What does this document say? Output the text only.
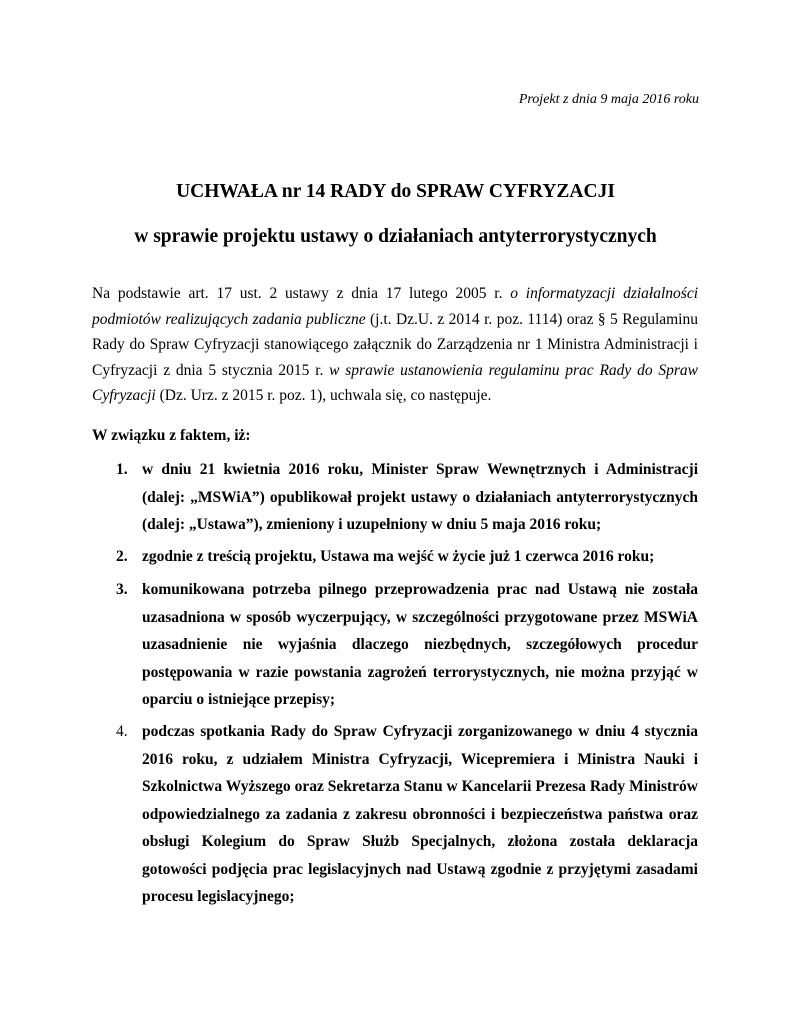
Projekt z dnia 9 maja 2016 roku
UCHWAŁA nr 14 RADY do SPRAW CYFRYZACJI
w sprawie projektu ustawy o działaniach antyterrorystycznych

Na podstawie art. 17 ust. 2 ustawy z dnia 17 lutego 2005 r. o informatyzacji działalności podmiotów realizujących zadania publiczne (j.t. Dz.U. z 2014 r. poz. 1114) oraz § 5 Regulaminu Rady do Spraw Cyfryzacji stanowiącego załącznik do Zarządzenia nr 1 Ministra Administracji i Cyfryzacji z dnia 5 stycznia 2015 r. w sprawie ustanowienia regulaminu prac Rady do Spraw Cyfryzacji (Dz. Urz. z 2015 r. poz. 1), uchwala się, co następuje.

W związku z faktem, iż:
1. w dniu 21 kwietnia 2016 roku, Minister Spraw Wewnętrznych i Administracji (dalej: „MSWiA”) opublikował projekt ustawy o działaniach antyterrorystycznych (dalej: „Ustawa”), zmieniony i uzupełniony w dniu 5 maja 2016 roku;
2. zgodnie z treścią projektu, Ustawa ma wejść w życie już 1 czerwca 2016 roku;
3. komunikowana potrzeba pilnego przeprowadzenia prac nad Ustawą nie została uzasadniona w sposób wyczerpujący, w szczególności przygotowane przez MSWiA uzasadnienie nie wyjaśnia dlaczego niezbędnych, szczegółowych procedur postępowania w razie powstania zagrożeń terrorystycznych, nie można przyjąć w oparciu o istniejące przepisy;
4. podczas spotkania Rady do Spraw Cyfryzacji zorganizowanego w dniu 4 stycznia 2016 roku, z udziałem Ministra Cyfryzacji, Wicepremiera i Ministra Nauki i Szkolnictwa Wyższego oraz Sekretarza Stanu w Kancelarii Prezesa Rady Ministrów odpowiedzialnego za zadania z zakresu obronności i bezpieczeństwa państwa oraz obsługi Kolegium do Spraw Służb Specjalnych, złożona została deklaracja gotowości podjęcia prac legislacyjnych nad Ustawą zgodnie z przyjętymi zasadami procesu legislacyjnego;
